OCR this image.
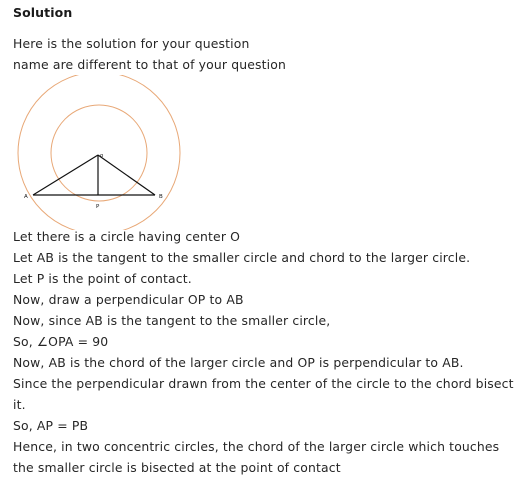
Solution
Here is the solution for your question
name are different to that of your question
A	B
o
P
Let there is a circle having center O
Let AB is the tangent to the smaller circle and chord to the larger circle.
Let P is the point of contact.
Now, draw a perpendicular OP to AB
Now, since AB is the tangent to the smaller circle,
So, ∠OPA = 90
Now, AB is the chord of the larger circle and OP is perpendicular to AB.
Since the perpendicular drawn from the center of the circle to the chord bisect
it.
So, AP = PB
Hence, in two concentric circles, the chord of the larger circle which touches
the smaller circle is bisected at the point of contact
